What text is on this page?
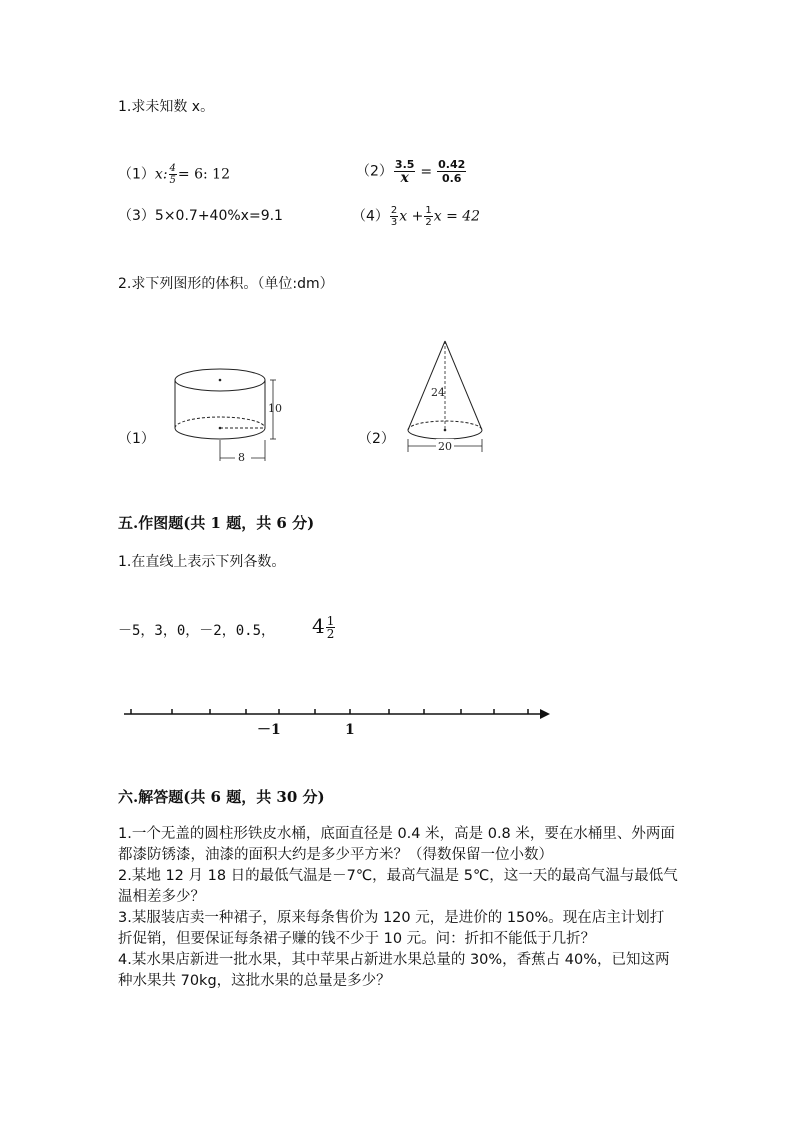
1.求未知数 x。
（1）x: $\frac{4}{5} = 6$: 12	$(2) \frac{3.5}{x} = \frac{0.42}{0.6}$
（3）5×0.7+40%x=9.1	$(4) \frac{2}{3}$ $x + \frac{1}{2}$ x = 42
2.求下列图形的体积。（单位:dm）
（1）
10
8
（2）
24
20
五.作图题(共 1 题，共 6 分)
1.在直线上表示下列各数。
－5，3，0，－2，0.5， $4 \frac{1}{2}$
－1	1
六.解答题(共 6 题，共 30 分)
1.一个无盖的圆柱形铁皮水桶，底面直径是 0.4 米，高是 0.8 米，要在水桶里、外两面都漆防锈漆，油漆的面积大约是多少平方米？（得数保留一位小数）
2.某地 12 月 18 日的最低气温是－7℃，最高气温是 5℃，这一天的最高气温与最低气温相差多少？
3.某服装店卖一种裙子，原来每条售价为 120 元，是进价的 150%。现在店主计划打折促销，但要保证每条裙子赚的钱不少于 10 元。问：折扣不能低于几折？
4.某水果店新进一批水果，其中苹果占新进水果总量的 30%，香蕉占 40%，已知这两种水果共 70kg，这批水果的总量是多少？
